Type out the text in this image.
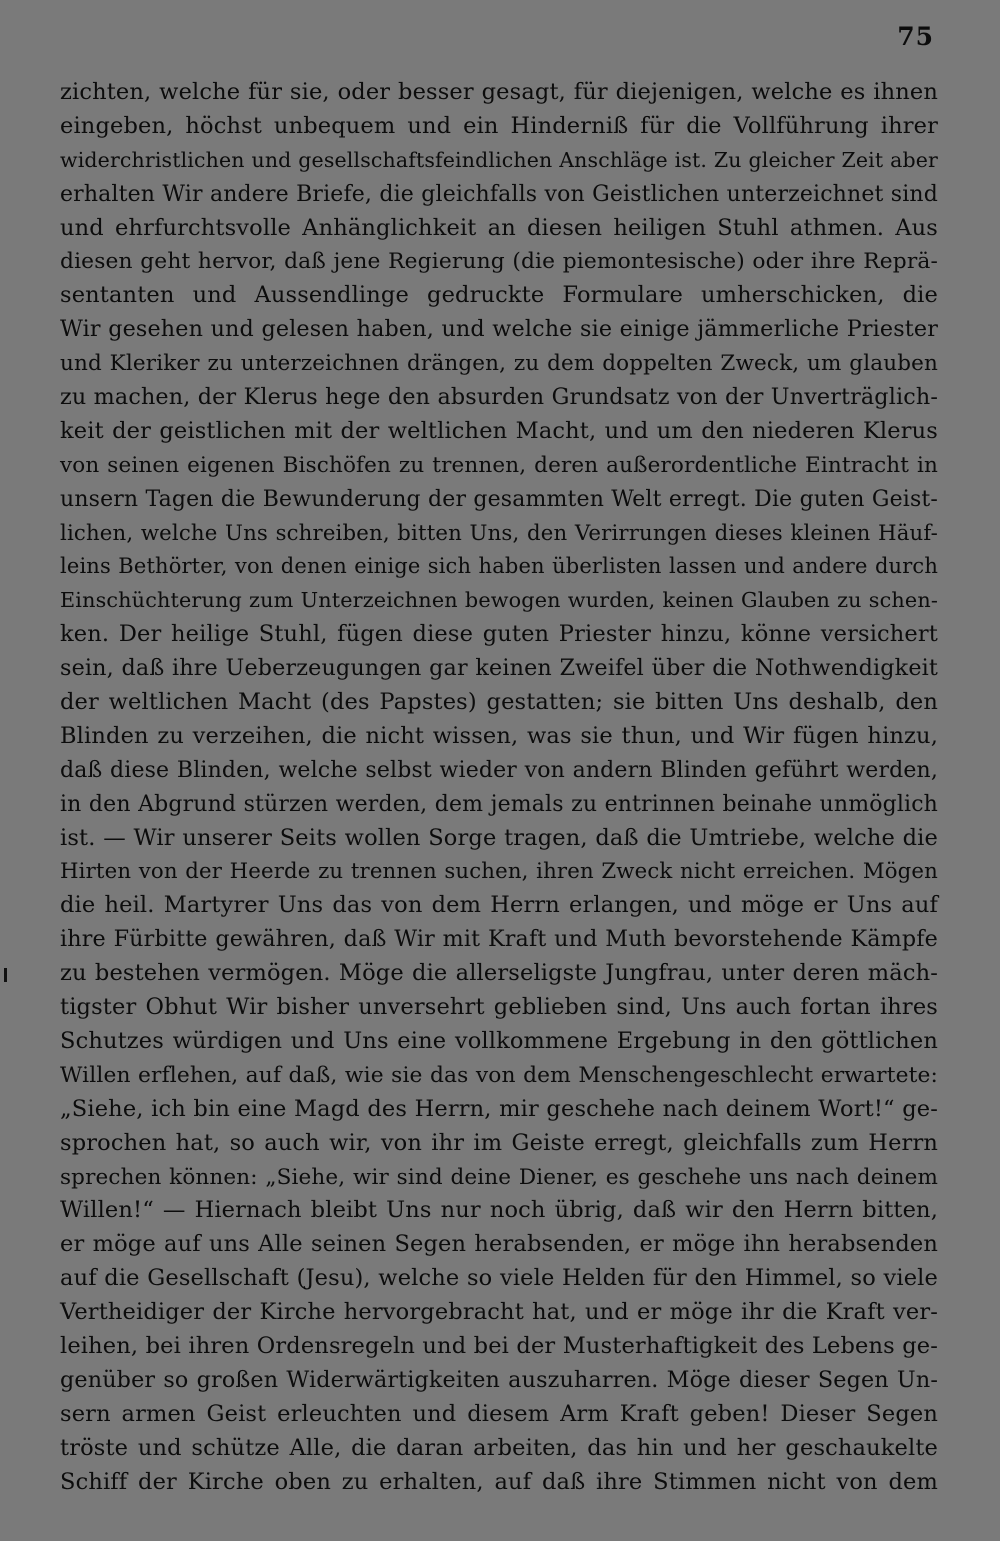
75
zichten, welche für sie, oder besser gesagt, für diejenigen, welche es ihnen
eingeben, höchst unbequem und ein Hinderniß für die Vollführung ihrer
widerchristlichen und gesellschaftsfeindlichen Anschläge ist. Zu gleicher Zeit aber
erhalten Wir andere Briefe, die gleichfalls von Geistlichen unterzeichnet sind
und ehrfurchtsvolle Anhänglichkeit an diesen heiligen Stuhl athmen. Aus
diesen geht hervor, daß jene Regierung (die piemontesische) oder ihre Reprä-
sentanten und Aussendlinge gedruckte Formulare umherschicken, die
Wir gesehen und gelesen haben, und welche sie einige jämmerliche Priester
und Kleriker zu unterzeichnen drängen, zu dem doppelten Zweck, um glauben
zu machen, der Klerus hege den absurden Grundsatz von der Unverträglich-
keit der geistlichen mit der weltlichen Macht, und um den niederen Klerus
von seinen eigenen Bischöfen zu trennen, deren außerordentliche Eintracht in
unsern Tagen die Bewunderung der gesammten Welt erregt. Die guten Geist-
lichen, welche Uns schreiben, bitten Uns, den Verirrungen dieses kleinen Häuf-
leins Bethörter, von denen einige sich haben überlisten lassen und andere durch
Einschüchterung zum Unterzeichnen bewogen wurden, keinen Glauben zu schen-
ken. Der heilige Stuhl, fügen diese guten Priester hinzu, könne versichert
sein, daß ihre Ueberzeugungen gar keinen Zweifel über die Nothwendigkeit
der weltlichen Macht (des Papstes) gestatten; sie bitten Uns deshalb, den
Blinden zu verzeihen, die nicht wissen, was sie thun, und Wir fügen hinzu,
daß diese Blinden, welche selbst wieder von andern Blinden geführt werden,
in den Abgrund stürzen werden, dem jemals zu entrinnen beinahe unmöglich
ist. — Wir unserer Seits wollen Sorge tragen, daß die Umtriebe, welche die
Hirten von der Heerde zu trennen suchen, ihren Zweck nicht erreichen. Mögen
die heil. Martyrer Uns das von dem Herrn erlangen, und möge er Uns auf
ihre Fürbitte gewähren, daß Wir mit Kraft und Muth bevorstehende Kämpfe
zu bestehen vermögen. Möge die allerseligste Jungfrau, unter deren mäch-
tigster Obhut Wir bisher unversehrt geblieben sind, Uns auch fortan ihres
Schutzes würdigen und Uns eine vollkommene Ergebung in den göttlichen
Willen erflehen, auf daß, wie sie das von dem Menschengeschlecht erwartete:
„Siehe, ich bin eine Magd des Herrn, mir geschehe nach deinem Wort!“ ge-
sprochen hat, so auch wir, von ihr im Geiste erregt, gleichfalls zum Herrn
sprechen können: „Siehe, wir sind deine Diener, es geschehe uns nach deinem
Willen!“ — Hiernach bleibt Uns nur noch übrig, daß wir den Herrn bitten,
er möge auf uns Alle seinen Segen herabsenden, er möge ihn herabsenden
auf die Gesellschaft (Jesu), welche so viele Helden für den Himmel, so viele
Vertheidiger der Kirche hervorgebracht hat, und er möge ihr die Kraft ver-
leihen, bei ihren Ordensregeln und bei der Musterhaftigkeit des Lebens ge-
genüber so großen Widerwärtigkeiten auszuharren. Möge dieser Segen Un-
sern armen Geist erleuchten und diesem Arm Kraft geben! Dieser Segen
tröste und schütze Alle, die daran arbeiten, das hin und her geschaukelte
Schiff der Kirche oben zu erhalten, auf daß ihre Stimmen nicht von dem
